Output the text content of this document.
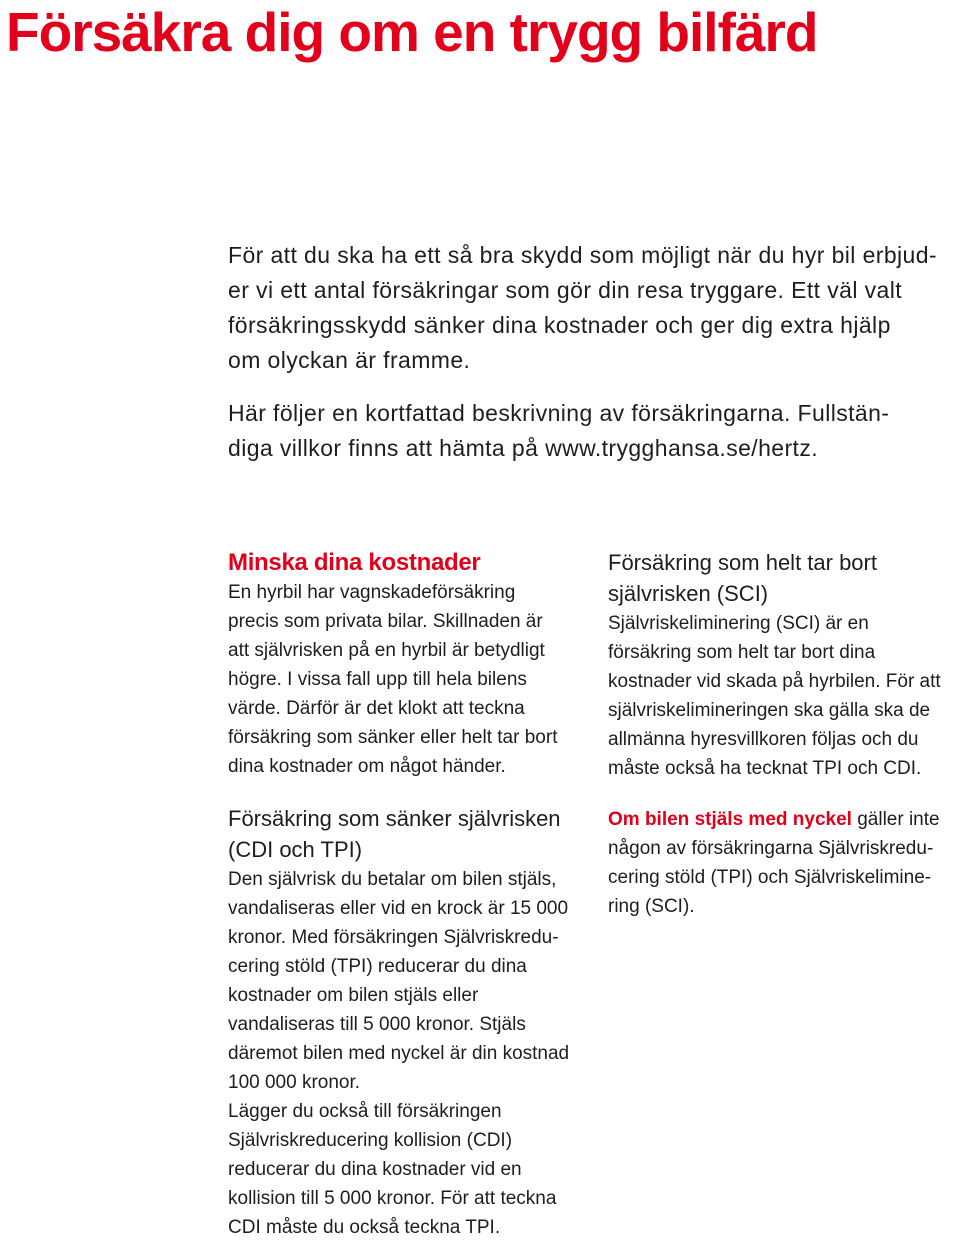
Försäkra dig om en trygg bilfärd

För att du ska ha ett så bra skydd som möjligt när du hyr bil erbjud-
er vi ett antal försäkringar som gör din resa tryggare. Ett väl valt
försäkringsskydd sänker dina kostnader och ger dig extra hjälp
om olyckan är framme.

Här följer en kortfattad beskrivning av försäkringarna. Fullstän-
diga villkor finns att hämta på www.trygghansa.se/hertz.

Minska dina kostnader

En hyrbil har vagnskadeförsäkring
precis som privata bilar. Skillnaden är
att självrisken på en hyrbil är betydligt
högre. I vissa fall upp till hela bilens
värde. Därför är det klokt att teckna
försäkring som sänker eller helt tar bort
dina kostnader om något händer.

Försäkring som sänker självrisken
(CDI och TPI)

Den självrisk du betalar om bilen stjäls,
vandaliseras eller vid en krock är 15 000
kronor. Med försäkringen Självriskredu-
cering stöld (TPI) reducerar du dina
kostnader om bilen stjäls eller
vandaliseras till 5 000 kronor. Stjäls
däremot bilen med nyckel är din kostnad
100 000 kronor.
Lägger du också till försäkringen
Självriskreducering kollision (CDI)
reducerar du dina kostnader vid en
kollision till 5 000 kronor. För att teckna
CDI måste du också teckna TPI.

Försäkring som helt tar bort
självrisken (SCI)

Självriskeliminering (SCI) är en
försäkring som helt tar bort dina
kostnader vid skada på hyrbilen. För att
självriskelimineringen ska gälla ska de
allmänna hyresvillkoren följas och du
måste också ha tecknat TPI och CDI.

Om bilen stjäls med nyckel gäller inte
någon av försäkringarna Självriskredu-
cering stöld (TPI) och Självriskelimine-
ring (SCI).
